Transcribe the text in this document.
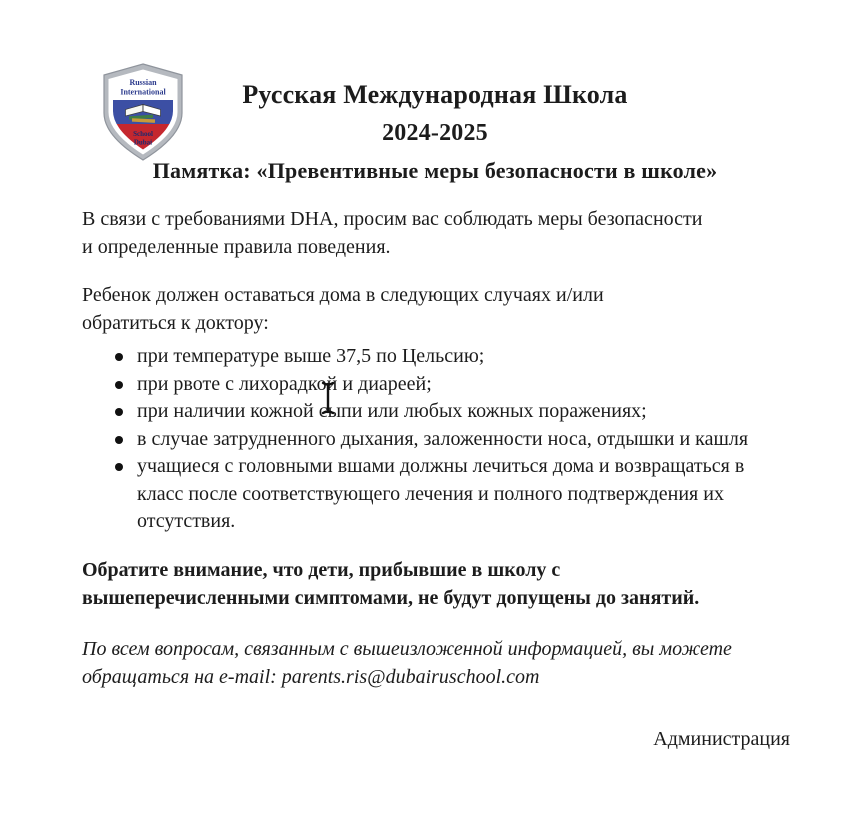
Russian
International
School
Dubai
Русская Международная Школа
2024-2025
Памятка: «Превентивные меры безопасности в школе»
В связи с требованиями DHA, просим вас соблюдать меры безопасности
и определенные правила поведения.
Ребенок должен оставаться дома в следующих случаях и/или
обратиться к доктору:
при температуре выше 37,5 по Цельсию;
при рвоте с лихорадкой и диареей;
при наличии кожной сыпи или любых кожных поражениях;
в случае затрудненного дыхания, заложенности носа, отдышки и кашля
учащиеся с головными вшами должны лечиться дома и возвращаться в
класс после соответствующего лечения и полного подтверждения их
отсутствия.
Обратите внимание, что дети, прибывшие в школу с
вышеперечисленными симптомами, не будут допущены до занятий.
По всем вопросам, связанным с вышеизложенной информацией, вы можете
обращаться на e-mail: parents.ris@dubairuschool.com
Администрация
